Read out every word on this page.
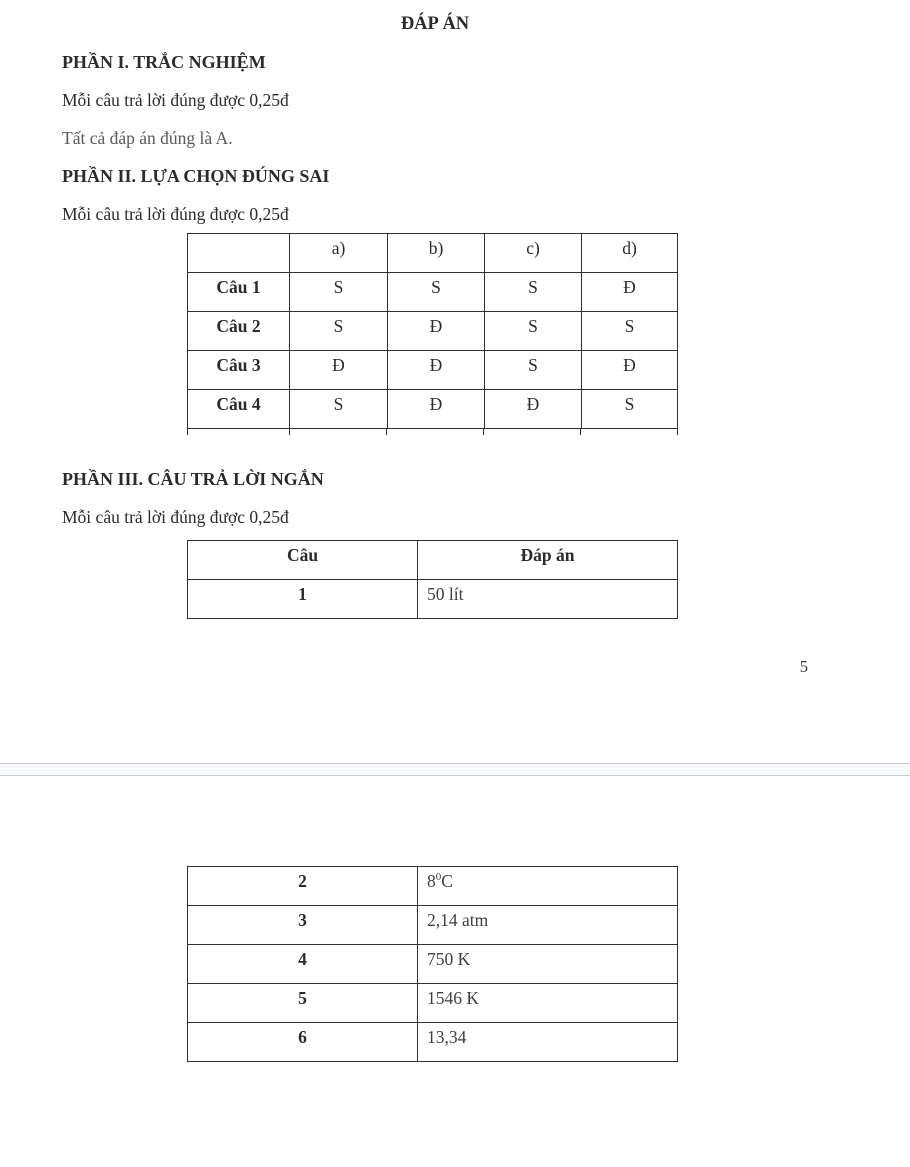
ĐÁP ÁN

PHẦN I. TRẮC NGHIỆM

Mỗi câu trả lời đúng được 0,25đ

Tất cả đáp án đúng là A.

PHẦN II. LỰA CHỌN ĐÚNG SAI

Mỗi câu trả lời đúng được 0,25đ

	a)	b)	c)	d)
Câu 1	S	S	S	Đ
Câu 2	S	Đ	S	S
Câu 3	Đ	Đ	S	Đ
Câu 4	S	Đ	Đ	S

PHẦN III. CÂU TRẢ LỜI NGẮN

Mỗi câu trả lời đúng được 0,25đ

Câu	Đáp án
1	50 lít

5

2	$8^0C$
3	2,14 atm
4	750 K
5	1546 K
6	13,34
